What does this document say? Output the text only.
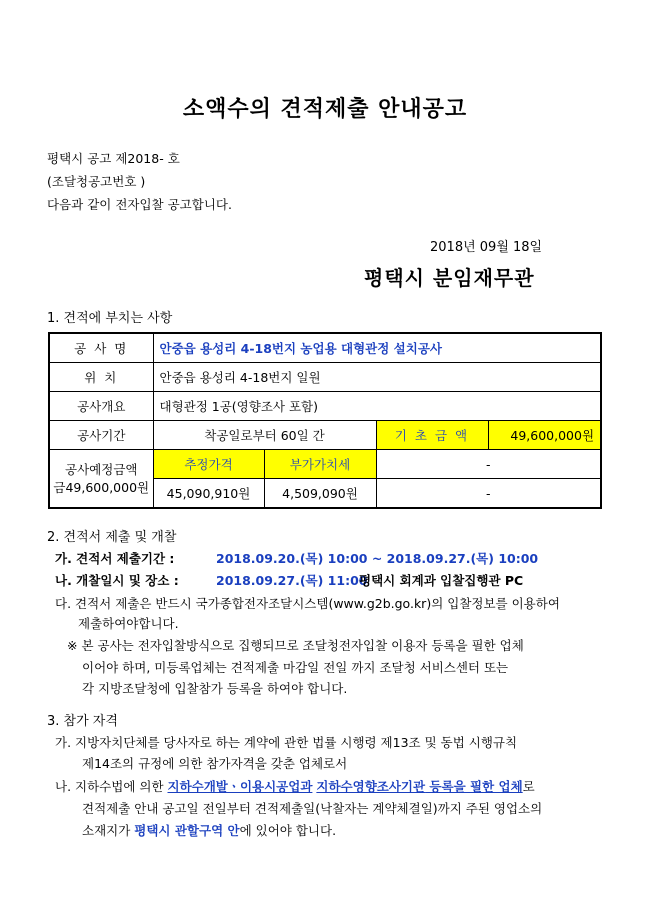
소액수의 견적제출 안내공고
평택시 공고 제2018- 호
(조달청공고번호 )
다음과 같이 전자입찰 공고합니다.
2018년 09월 18일
평택시 분임재무관
1. 견적에 부치는 사항
공 사 명	안중읍 용성리 4-18번지 농업용 대형관정 설치공사			
위 치	안중읍 용성리 4-18번지 일원			
공사개요	대형관정 1공(영향조사 포함)			
공사기간	착공일로부터 60일 간		기 초 금 액	49,600,000원

공사예정금액
금49,600,000원	추정가격	부가가치세	-	
	45,090,910원	4,509,090원	-	
2. 견적서 제출 및 개찰
가. 견적서 제출기간 :	2018.09.20.(목) 10:00 ~ 2018.09.27.(목) 10:00
나. 개찰일시 및 장소 :	2018.09.27.(목) 11:00
평택시 회계과 입찰집행관 PC
다. 견적서 제출은 반드시 국가종합전자조달시스템(www.g2b.go.kr)의 입찰정보를 이용하여
제출하여야합니다.
※ 본 공사는 전자입찰방식으로 집행되므로 조달청전자입찰 이용자 등록을 필한 업체
이어야 하며, 미등록업체는 견적제출 마감일 전일 까지 조달청 서비스센터 또는
각 지방조달청에 입찰참가 등록을 하여야 합니다.
3. 참가 자격
가. 지방자치단체를 당사자로 하는 계약에 관한 법률 시행령 제13조 및 동법 시행규칙
제14조의 규정에 의한 참가자격을 갖춘 업체로서
나. 지하수법에 의한 지하수개발ㆍ이용시공업과 지하수영향조사기관 등록을 필한 업체로
견적제출 안내 공고일 전일부터 견적제출일(낙찰자는 계약체결일)까지 주된 영업소의
소재지가 평택시 관할구역 안에 있어야 합니다.
